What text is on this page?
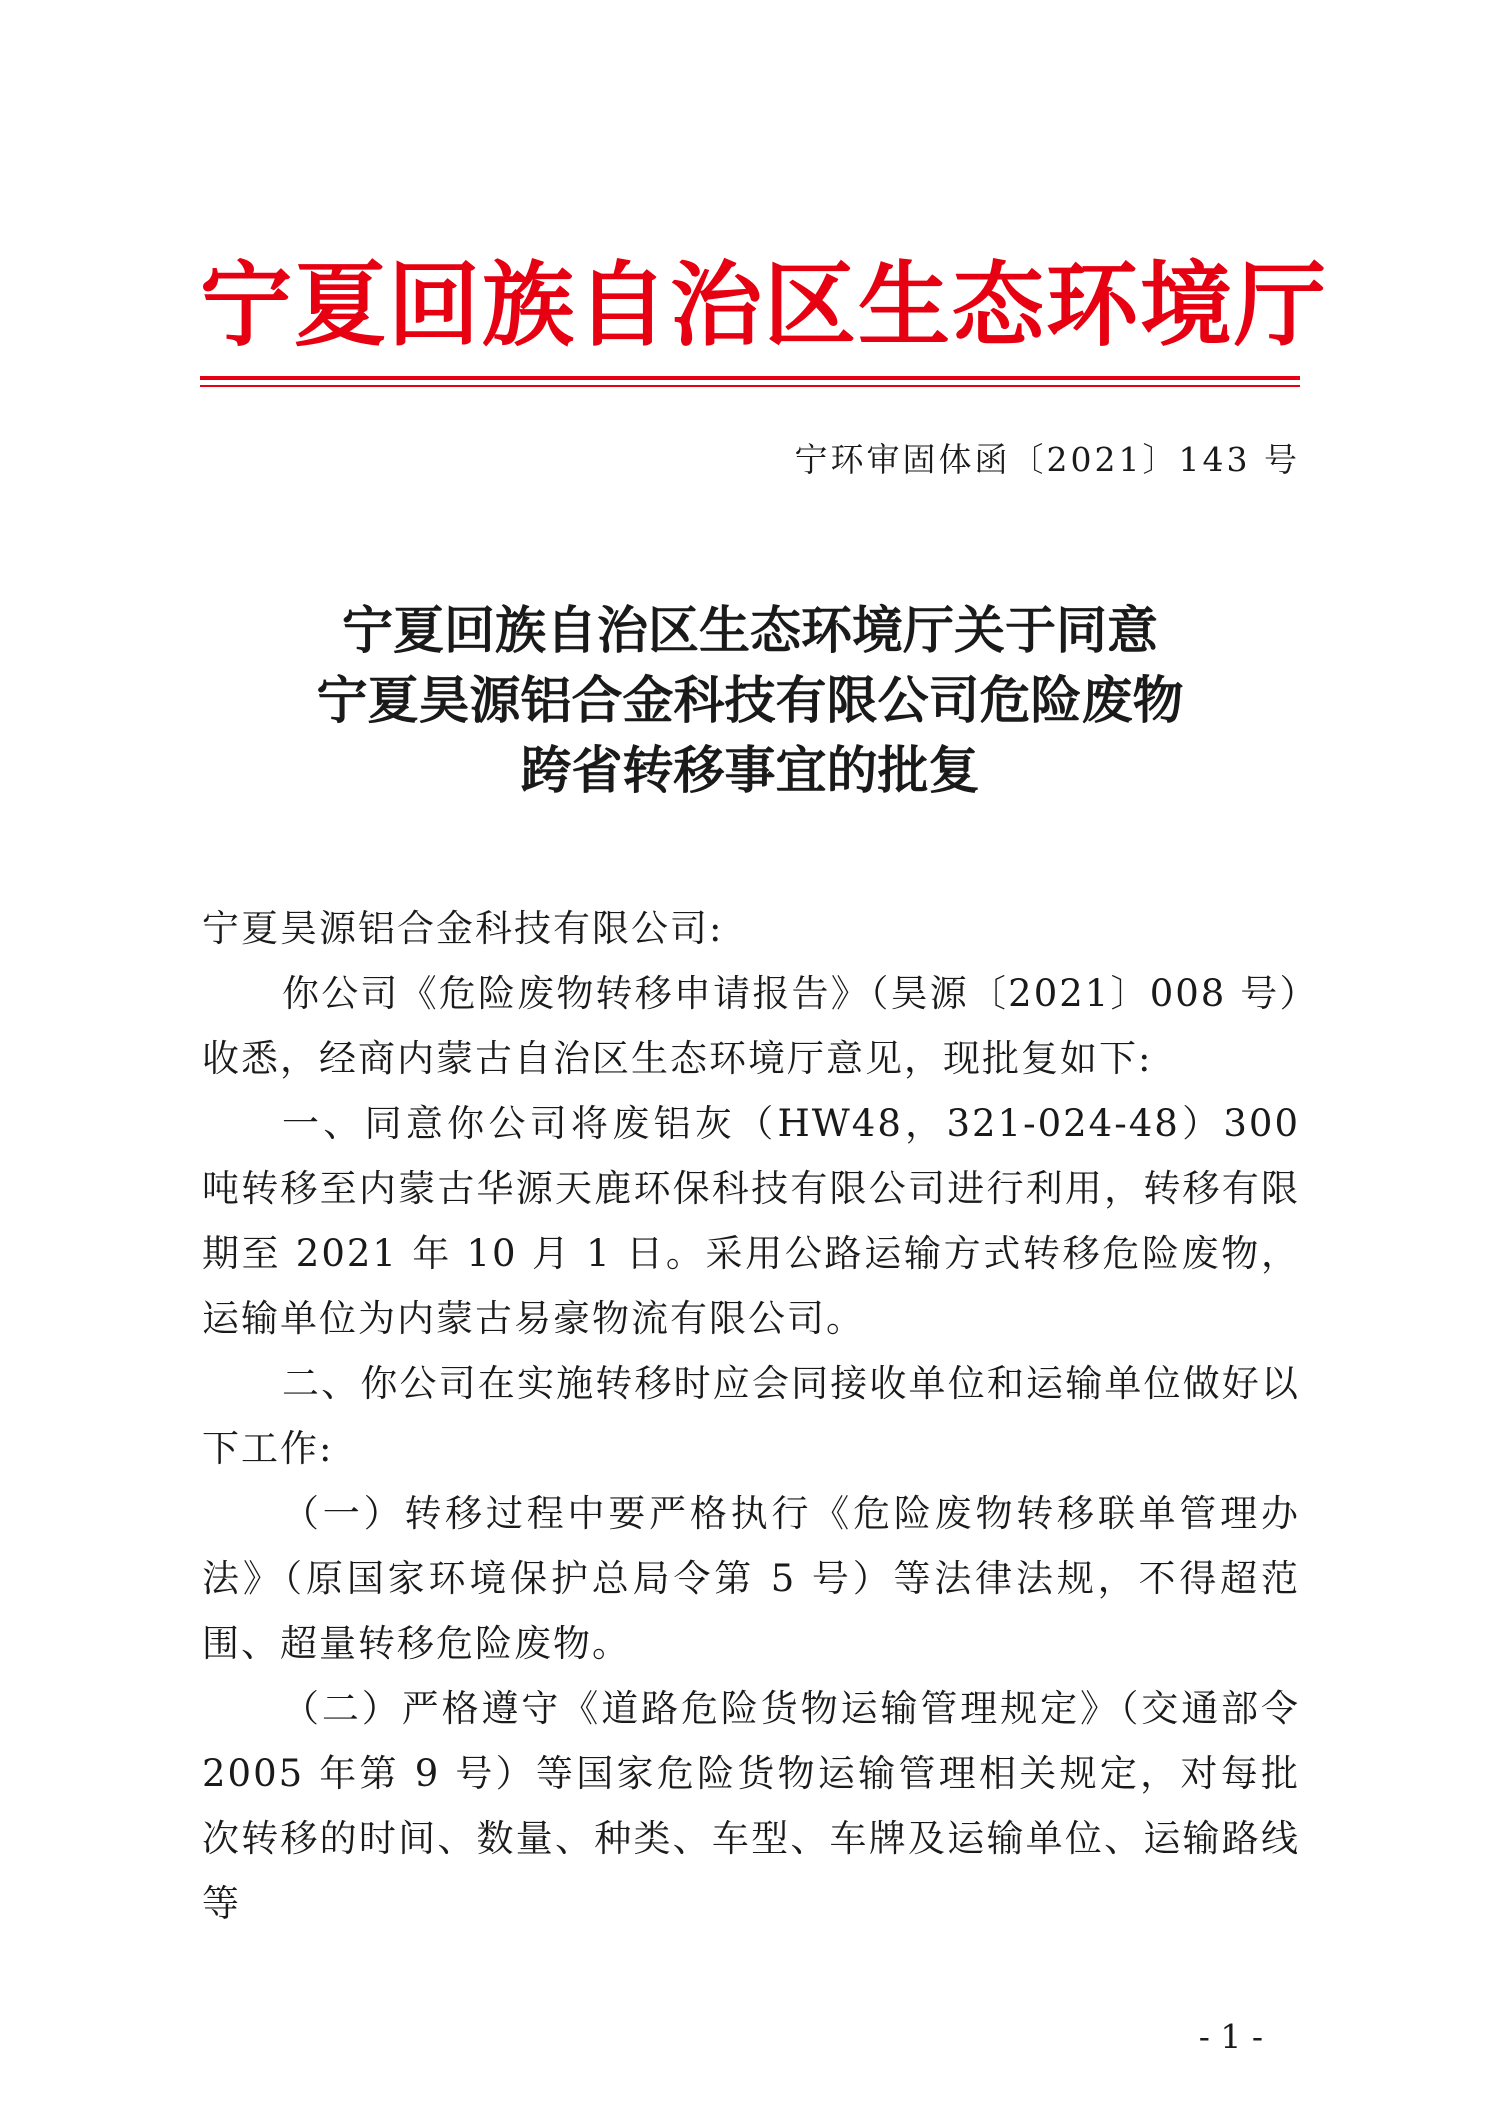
宁夏回族自治区生态环境厅
宁环审固体函〔2021〕143 号
宁夏回族自治区生态环境厅关于同意
宁夏昊源铝合金科技有限公司危险废物
跨省转移事宜的批复

宁夏昊源铝合金科技有限公司:

你公司《危险废物转移申请报告》（昊源〔2021〕008 号）收悉，经商内蒙古自治区生态环境厅意见，现批复如下:

一、同意你公司将废铝灰（HW48，321-024-48）300 吨转移至内蒙古华源天鹿环保科技有限公司进行利用，转移有限期至 2021 年 10 月 1 日。采用公路运输方式转移危险废物，运输单位为内蒙古易豪物流有限公司。

二、你公司在实施转移时应会同接收单位和运输单位做好以下工作:

（一）转移过程中要严格执行《危险废物转移联单管理办法》（原国家环境保护总局令第 5 号）等法律法规，不得超范围、超量转移危险废物。

（二）严格遵守《道路危险货物运输管理规定》（交通部令 2005 年第 9 号）等国家危险货物运输管理相关规定，对每批次转移的时间、数量、种类、车型、车牌及运输单位、运输路线等

- 1 -
